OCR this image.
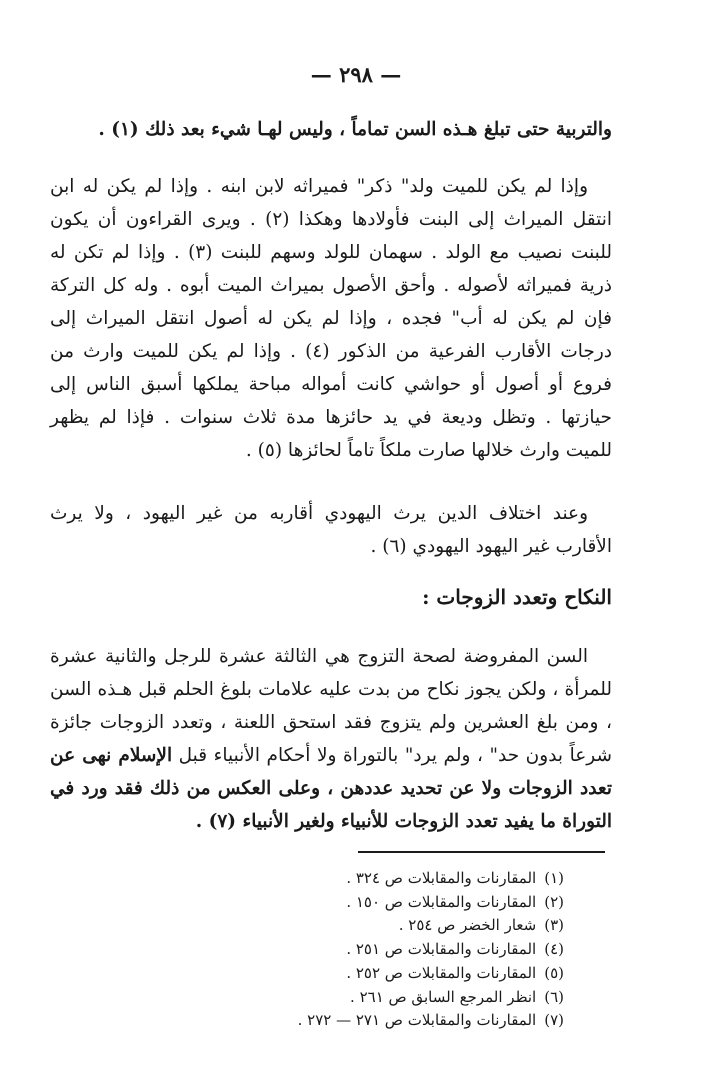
— ٢٩٨ —

والتربية حتى تبلغ هـذه السن تماماً ، وليس لهـا شيء بعد ذلك (١) .

وإذا لم يكن للميت ولد" ذكر" فميراثه لابن ابنه . وإذا لم يكن له ابن انتقل الميراث إلى البنت فأولادها وهكذا (٢) . ويرى القراءون أن يكون للبنت نصيب مع الولد . سهمان للولد وسهم للبنت (٣) . وإذا لم تكن له ذرية فميراثه لأصوله . وأحق الأصول بميراث الميت أبوه . وله كل التركة فإن لم يكن له أب" فجده ، وإذا لم يكن له أصول انتقل الميراث إلى درجات الأقارب الفرعية من الذكور (٤) . وإذا لم يكن للميت وارث من فروع أو أصول أو حواشي كانت أمواله مباحة يملكها أسبق الناس إلى حيازتها . وتظل وديعة في يد حائزها مدة ثلاث سنوات . فإذا لم يظهر للميت وارث خلالها صارت ملكاً تاماً لحائزها (٥) .

وعند اختلاف الدين يرث اليهودي أقاربه من غير اليهود ، ولا يرث الأقارب غير اليهود اليهودي (٦) .

النكاح وتعدد الزوجات :

السن المفروضة لصحة التزوج هي الثالثة عشرة للرجل والثانية عشرة للمرأة ، ولكن يجوز نكاح من بدت عليه علامات بلوغ الحلم قبل هـذه السن ، ومن بلغ العشرين ولم يتزوج فقد استحق اللعنة ، وتعدد الزوجات جائزة شرعاً بدون حد" ، ولم يرد" بالتوراة ولا أحكام الأنبياء قبل الإسلام نهى عن تعدد الزوجات ولا عن تحديد عددهن ، وعلى العكس من ذلك فقد ورد في التوراة ما يفيد تعدد الزوجات للأنبياء ولغير الأنبياء (٧) .

(١)المقارنات والمقابلات ص ٣٢٤ .
(٢)المقارنات والمقابلات ص ١٥٠ .
(٣)شعار الخضر ص ٢٥٤ .
(٤)المقارنات والمقابلات ص ٢٥١ .
(٥)المقارنات والمقابلات ص ٢٥٢ .
(٦)انظر المرجع السابق ص ٢٦١ .
(٧)المقارنات والمقابلات ص ٢٧١ — ٢٧٢ .
